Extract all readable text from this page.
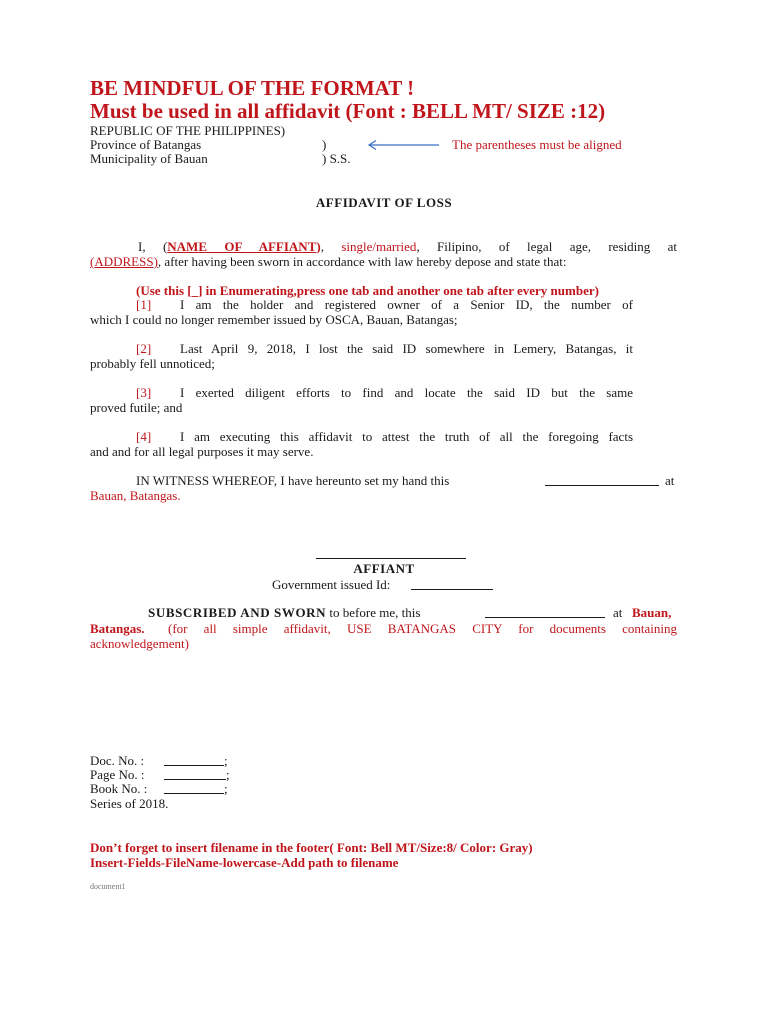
BE MINDFUL OF THE FORMAT !
Must be used in all affidavit (Font : BELL MT/ SIZE :12)
REPUBLIC OF THE PHILIPPINES)
Province of Batangas	)
Municipality of Bauan	) S.S.
The parentheses must be aligned
AFFIDAVIT OF LOSS
I, (NAME OF AFFIANT), single/married, Filipino, of legal age, residing at
(ADDRESS), after having been sworn in accordance with law hereby depose and state that:
(Use this [_] in Enumerating,press one tab and another one tab after every number)
[1] I am the holder and registered owner of a Senior ID, the number of
which I could no longer remember issued by OSCA, Bauan, Batangas;
[2] Last April 9, 2018, I lost the said ID somewhere in Lemery, Batangas, it
probably fell unnoticed;
[3] I exerted diligent efforts to find and locate the said ID but the same
proved futile; and
[4] I am executing this affidavit to attest the truth of all the foregoing facts
and and for all legal purposes it may serve.
IN WITNESS WHEREOF, I have hereunto set my hand this	at
Bauan, Batangas.
AFFIANT
Government issued Id:
SUBSCRIBED AND SWORN to before me, this	at Bauan,
Batangas. (for all simple affidavit, USE BATANGAS CITY for documents containing
acknowledgement)
Doc. No. :	;
Page No. :	;
Book No. :	;
Series of 2018.
Don’t forget to insert filename in the footer( Font: Bell MT/Size:8/ Color: Gray)
Insert-Fields-FileName-lowercase-Add path to filename
document1
